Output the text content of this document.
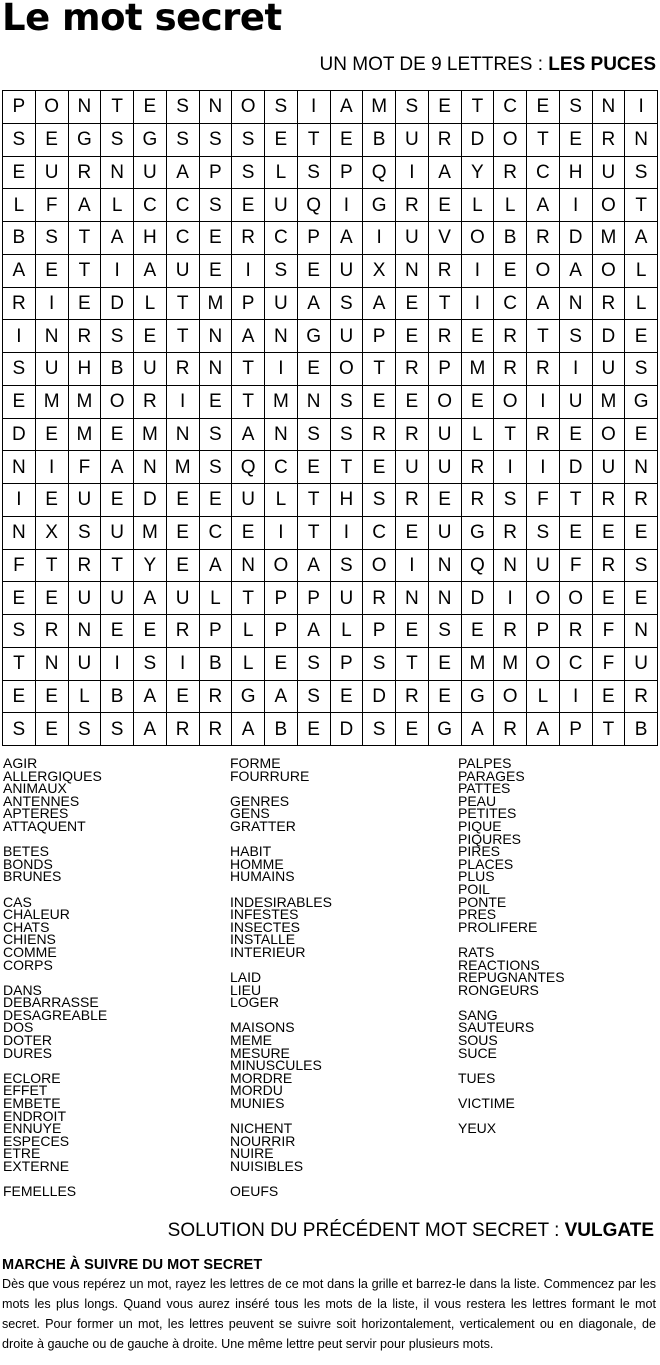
Le mot secret
UN MOT DE 9 LETTRES : LES PUCES
P	O	N	T	E	S	N	O	S	I	A	M	S	E	T	C	E	S	N	I
S	E	G	S	G	S	S	S	E	T	E	B	U	R	D	O	T	E	R	N
E	U	R	N	U	A	P	S	L	S	P	Q	I	A	Y	R	C	H	U	S
L	F	A	L	C	C	S	E	U	Q	I	G	R	E	L	L	A	I	O	T
B	S	T	A	H	C	E	R	C	P	A	I	U	V	O	B	R	D	M	A
A	E	T	I	A	U	E	I	S	E	U	X	N	R	I	E	O	A	O	L
R	I	E	D	L	T	M	P	U	A	S	A	E	T	I	C	A	N	R	L
I	N	R	S	E	T	N	A	N	G	U	P	E	R	E	R	T	S	D	E
S	U	H	B	U	R	N	T	I	E	O	T	R	P	M	R	R	I	U	S
E	M	M	O	R	I	E	T	M	N	S	E	E	O	E	O	I	U	M	G
D	E	M	E	M	N	S	A	N	S	S	R	R	U	L	T	R	E	O	E
N	I	F	A	N	M	S	Q	C	E	T	E	U	U	R	I	I	D	U	N
I	E	U	E	D	E	E	U	L	T	H	S	R	E	R	S	F	T	R	R
N	X	S	U	M	E	C	E	I	T	I	C	E	U	G	R	S	E	E	E
F	T	R	T	Y	E	A	N	O	A	S	O	I	N	Q	N	U	F	R	S
E	E	U	U	A	U	L	T	P	P	U	R	N	N	D	I	O	O	E	E
S	R	N	E	E	R	P	L	P	A	L	P	E	S	E	R	P	R	F	N
T	N	U	I	S	I	B	L	E	S	P	S	T	E	M	M	O	C	F	U
E	E	L	B	A	E	R	G	A	S	E	D	R	E	G	O	L	I	E	R
S	E	S	S	A	R	R	A	B	E	D	S	E	G	A	R	A	P	T	B
AGIR
ALLERGIQUES
ANIMAUX
ANTENNES
APTERES
ATTAQUENT
BETES
BONDS
BRUNES
CAS
CHALEUR
CHATS
CHIENS
COMME
CORPS
DANS
DEBARRASSE
DESAGREABLE
DOS
DOTER
DURES
ECLORE
EFFET
EMBETE
ENDROIT
ENNUYE
ESPECES
ETRE
EXTERNE
FEMELLES
FORME
FOURRURE
GENRES
GENS
GRATTER
HABIT
HOMME
HUMAINS
INDESIRABLES
INFESTES
INSECTES
INSTALLE
INTERIEUR
LAID
LIEU
LOGER
MAISONS
MEME
MESURE
MINUSCULES
MORDRE
MORDU
MUNIES
NICHENT
NOURRIR
NUIRE
NUISIBLES
OEUFS
PALPES
PARAGES
PATTES
PEAU
PETITES
PIQUE
PIQURES
PIRES
PLACES
PLUS
POIL
PONTE
PRES
PROLIFERE
RATS
REACTIONS
REPUGNANTES
RONGEURS
SANG
SAUTEURS
SOUS
SUCE
TUES
VICTIME
YEUX
SOLUTION DU PRÉCÉDENT MOT SECRET : VULGATE
MARCHE À SUIVRE DU MOT SECRET

Dès que vous repérez un mot, rayez les lettres de ce mot dans la grille et barrez-le dans la liste. Commencez par les mots les plus longs. Quand vous aurez inséré tous les mots de la liste, il vous restera les lettres formant le mot secret. Pour former un mot, les lettres peuvent se suivre soit horizontalement, verticalement ou en diagonale, de droite à gauche ou de gauche à droite. Une même lettre peut servir pour plusieurs mots.
